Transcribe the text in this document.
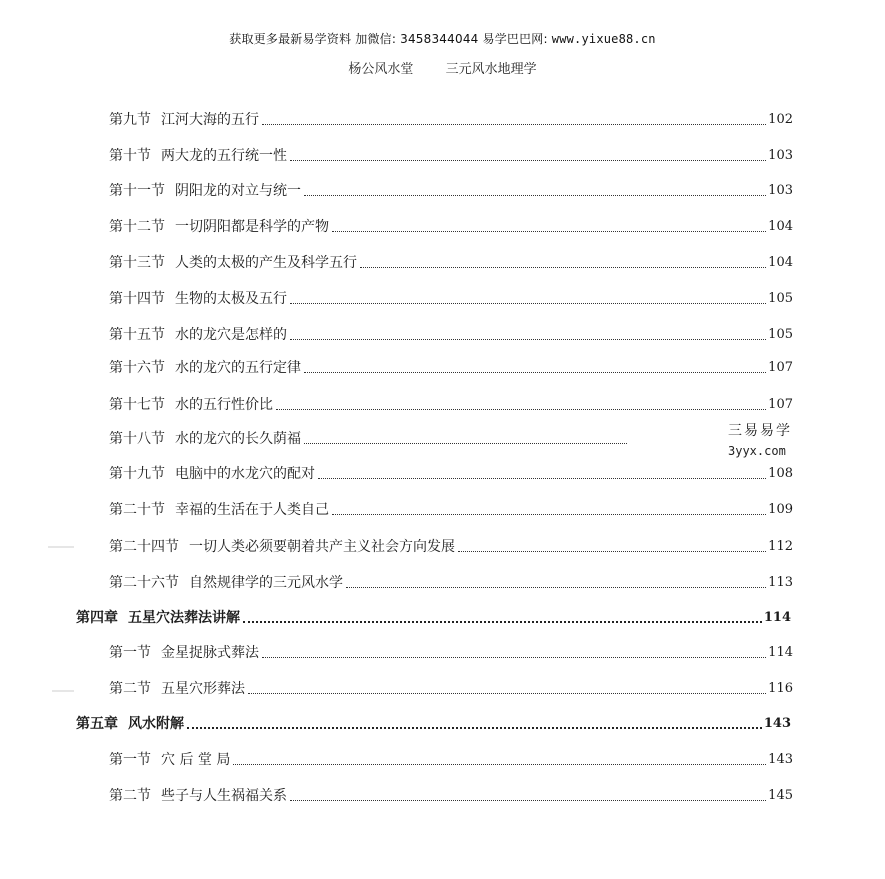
获取更多最新易学资料 加微信: 3458344044 易学巴巴网: www.yixue88.cn
杨公风水堂 三元风水地理学
第九节 江河大海的五行	102
第十节 两大龙的五行统一性	103
第十一节 阴阳龙的对立与统一	103
第十二节 一切阴阳都是科学的产物	104
第十三节 人类的太极的产生及科学五行	104
第十四节 生物的太极及五行	105
第十五节 水的龙穴是怎样的	105
第十六节 水的龙穴的五行定律	107
第十七节 水的五行性价比	107
第十八节 水的龙穴的长久荫福
第十九节 电脑中的水龙穴的配对	108
第二十节 幸福的生活在于人类自己	109
第二十四节 一切人类必须要朝着共产主义社会方向发展	112
第二十六节 自然规律学的三元风水学	113
第四章 五星穴法葬法讲解	114
第一节 金星捉脉式葬法	114
第二节 五星穴形葬法	116
第五章 风水附解	143
第一节 穴 后 堂 局	143
第二节 些子与人生祸福关系	145
三易易学
3yyx.com
